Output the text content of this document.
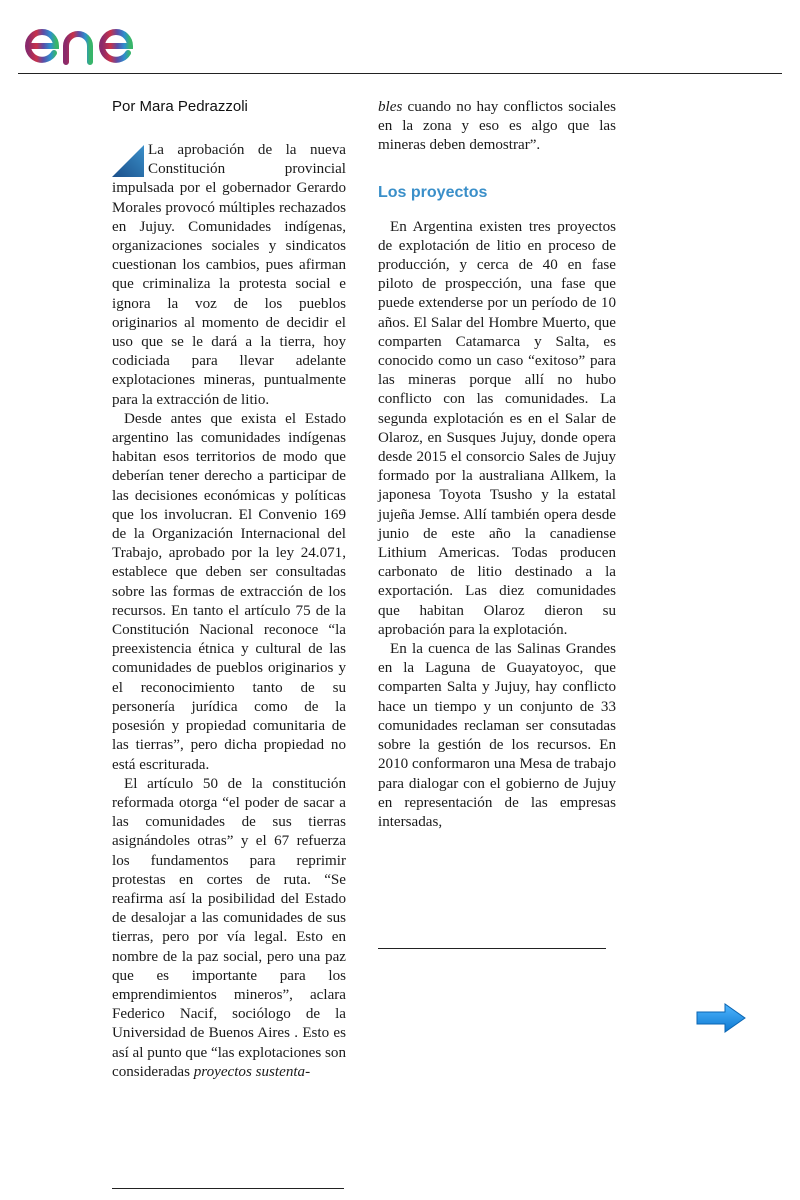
Por Mara Pedrazzoli

La aprobación de la nueva Constitución provincial impulsada por el gobernador Gerardo Morales provocó múltiples rechazados en Jujuy. Comunidades indígenas, organizaciones sociales y sindicatos cuestionan los cambios, pues afirman que criminaliza la protesta social e ignora la voz de los pueblos originarios al momento de decidir el uso que se le dará a la tierra, hoy codiciada para llevar adelante explotaciones mineras, puntualmente para la extracción de litio.

Desde antes que exista el Estado argentino las comunidades indígenas habitan esos territorios de modo que deberían tener derecho a participar de las decisiones económicas y políticas que los involucran. El Convenio 169 de la Organización Internacional del Trabajo, aprobado por la ley 24.071, establece que deben ser consultadas sobre las formas de extracción de los recursos. En tanto el artículo 75 de la Constitución Nacional reconoce “la preexistencia étnica y cultural de las comunidades de pueblos originarios y el reconocimiento tanto de su personería jurídica como de la posesión y propiedad comunitaria de las tierras”, pero dicha propiedad no está escriturada.

El artículo 50 de la constitución reformada otorga “el poder de sacar a las comunidades de sus tierras asignándoles otras” y el 67 refuerza los fundamentos para reprimir protestas en cortes de ruta. “Se reafirma así la posibilidad del Estado de desalojar a las comunidades de sus tierras, pero por vía legal. Esto en nombre de la paz social, pero una paz que es importante para los emprendimientos mineros”, aclara Federico Nacif, sociólogo de la Universidad de Buenos Aires . Esto es así al punto que “las explotaciones son consideradas proyectos sustenta-

bles cuando no hay conflictos sociales en la zona y eso es algo que las mineras deben demostrar”.

Los proyectos

En Argentina existen tres proyectos de explotación de litio en proceso de producción, y cerca de 40 en fase piloto de prospección, una fase que puede extenderse por un período de 10 años. El Salar del Hombre Muerto, que comparten Catamarca y Salta, es conocido como un caso “exitoso” para las mineras porque allí no hubo conflicto con las comunidades. La segunda explotación es en el Salar de Olaroz, en Susques Jujuy, donde opera desde 2015 el consorcio Sales de Jujuy formado por la australiana Allkem, la japonesa Toyota Tsusho y la estatal jujeña Jemse. Allí también opera desde junio de este año la canadiense Lithium Americas. Todas producen carbonato de litio destinado a la exportación. Las diez comunidades que habitan Olaroz dieron su aprobación para la explotación.

En la cuenca de las Salinas Grandes en la Laguna de Guayatoyoc, que comparten Salta y Jujuy, hay conflicto hace un tiempo y un conjunto de 33 comunidades reclaman ser consutadas sobre la gestión de los recursos. En 2010 conformaron una Mesa de trabajo para dialogar con el gobierno de Jujuy en representación de las empresas intersadas,
